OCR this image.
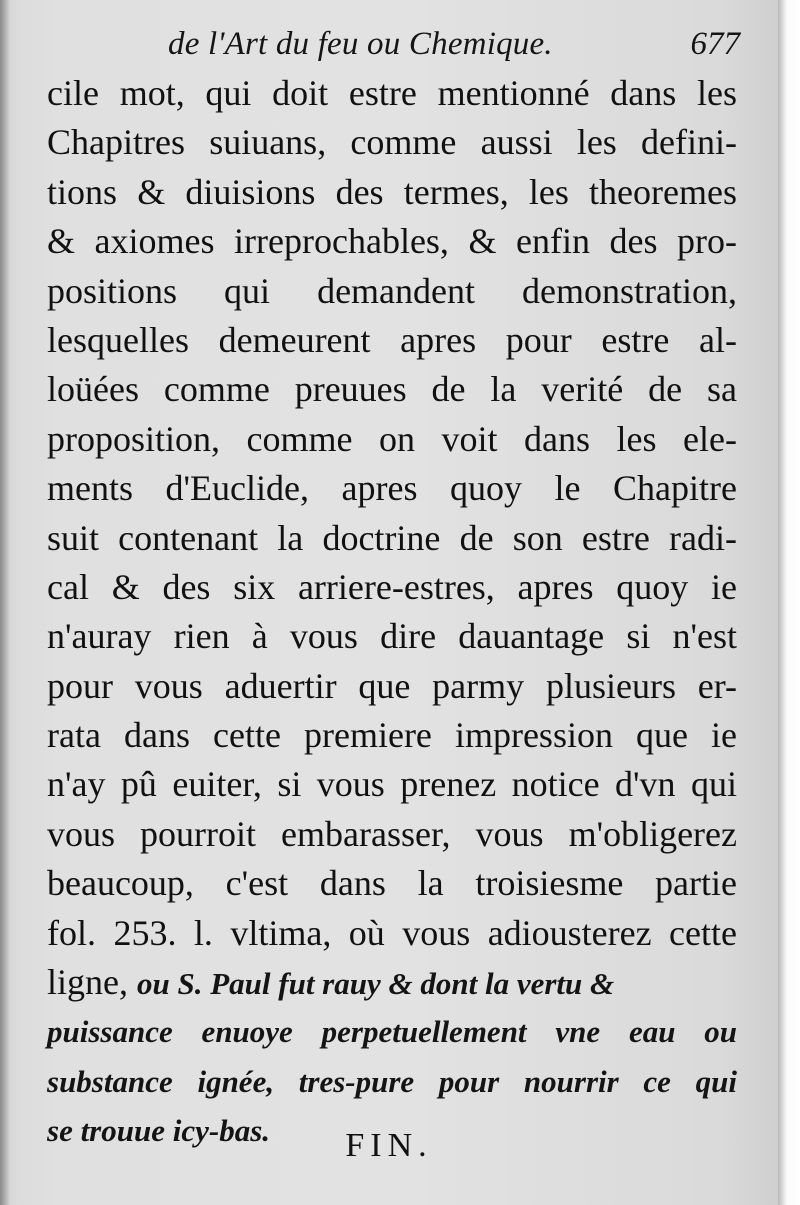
de l'Art du feu ou Chemique.	677
cile mot, qui doit estre mentionné dans les
Chapitres suiuans, comme aussi les defini-
tions & diuisions des termes, les theoremes
& axiomes irreprochables, & enfin des pro-
positions qui demandent demonstration,
lesquelles demeurent apres pour estre al-
loüées comme preuues de la verité de sa
proposition, comme on voit dans les ele-
ments d'Euclide, apres quoy le Chapitre
suit contenant la doctrine de son estre radi-
cal & des six arriere-estres, apres quoy ie
n'auray rien à vous dire dauantage si n'est
pour vous aduertir que parmy plusieurs er-
rata dans cette premiere impression que ie
n'ay pû euiter, si vous prenez notice d'vn qui
vous pourroit embarasser, vous m'obligerez
beaucoup, c'est dans la troisiesme partie
fol. 253. l. vltima, où vous adiousterez cette
ligne, ou S. Paul fut rauy & dont la vertu &
puissance enuoye perpetuellement vne eau ou
substance ignée, tres-pure pour nourrir ce qui
se trouue icy-bas.	FIN.
